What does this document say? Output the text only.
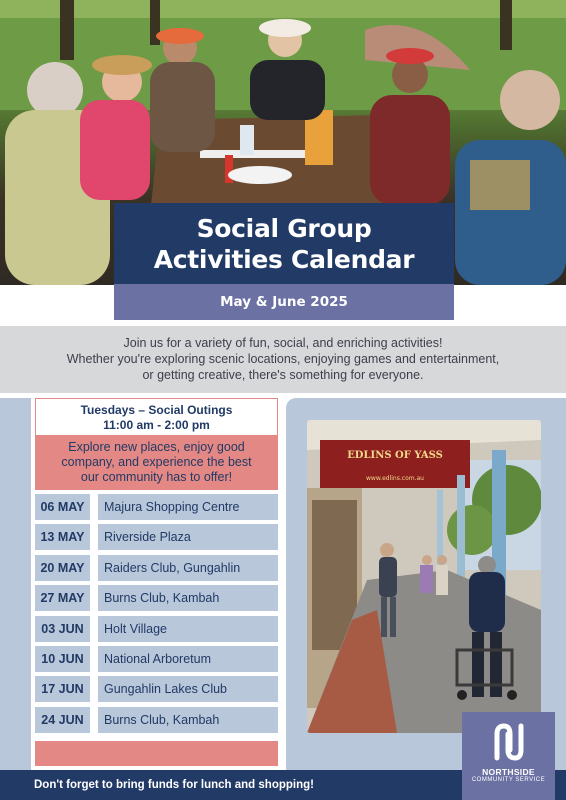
Social Group
Activities Calendar
May & June 2025

Join us for a variety of fun, social, and enriching activities!

Whether you're exploring scenic locations, enjoying games and entertainment,

or getting creative, there's something for everyone.

Tuesdays – Social Outings
11:00 am - 2:00 pm
Explore new places, enjoy good
company, and experience the best
our community has to offer!
06 MAY	Majura Shopping Centre
13 MAY	Riverside Plaza
20 MAY	Raiders Club, Gungahlin
27 MAY	Burns Club, Kambah
03 JUN	Holt Village
10 JUN	National Arboretum
17 JUN	Gungahlin Lakes Club
24 JUN	Burns Club, Kambah
EDLINS OF YASS
www.edlins.com.au
Don't forget to bring funds for lunch and shopping!
NORTHSIDE
COMMUNITY SERVICE
